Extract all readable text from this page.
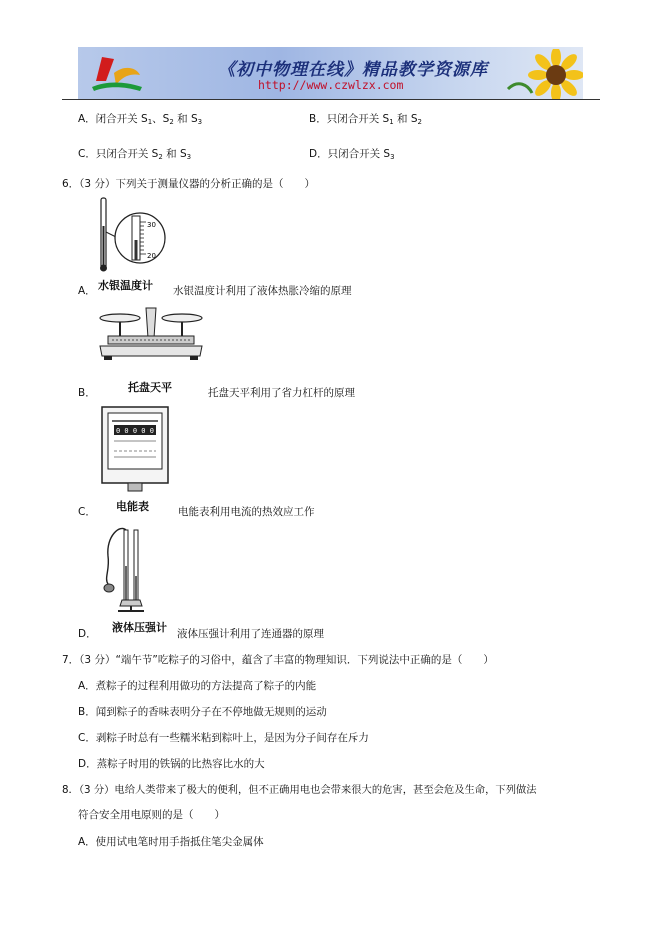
《初中物理在线》精品教学资源库
http://www.czwlzx.com
A．闭合开关 $S_1$、$S_2$ 和 $S_3$	B．只闭合开关 $S_1$ 和 $S_2$
C．只闭合开关 $S_2$ 和 $S_3$	D．只闭合开关 $S_3$
6．（3 分）下列关于测量仪器的分析正确的是（　　）
30
20
A． 水银温度计 水银温度计利用了液体热胀冷缩的原理
B．	托盘天平	托盘天平利用了省力杠杆的原理
0 0 0 0 0
C． 电能表	电能表利用电流的热效应工作
D． 液体压强计 液体压强计利用了连通器的原理
7．（3 分）“端午节”吃粽子的习俗中，蕴含了丰富的物理知识．下列说法中正确的是（　　）
A．煮粽子的过程利用做功的方法提高了粽子的内能
B．闻到粽子的香味表明分子在不停地做无规则的运动
C．剥粽子时总有一些糯米粘到粽叶上，是因为分子间存在斥力
D．蒸粽子时用的铁锅的比热容比水的大
8．（3 分）电给人类带来了极大的便利，但不正确用电也会带来很大的危害，甚至会危及生命，下列做法
符合安全用电原则的是（　　）
A．使用试电笔时用手指抵住笔尖金属体
